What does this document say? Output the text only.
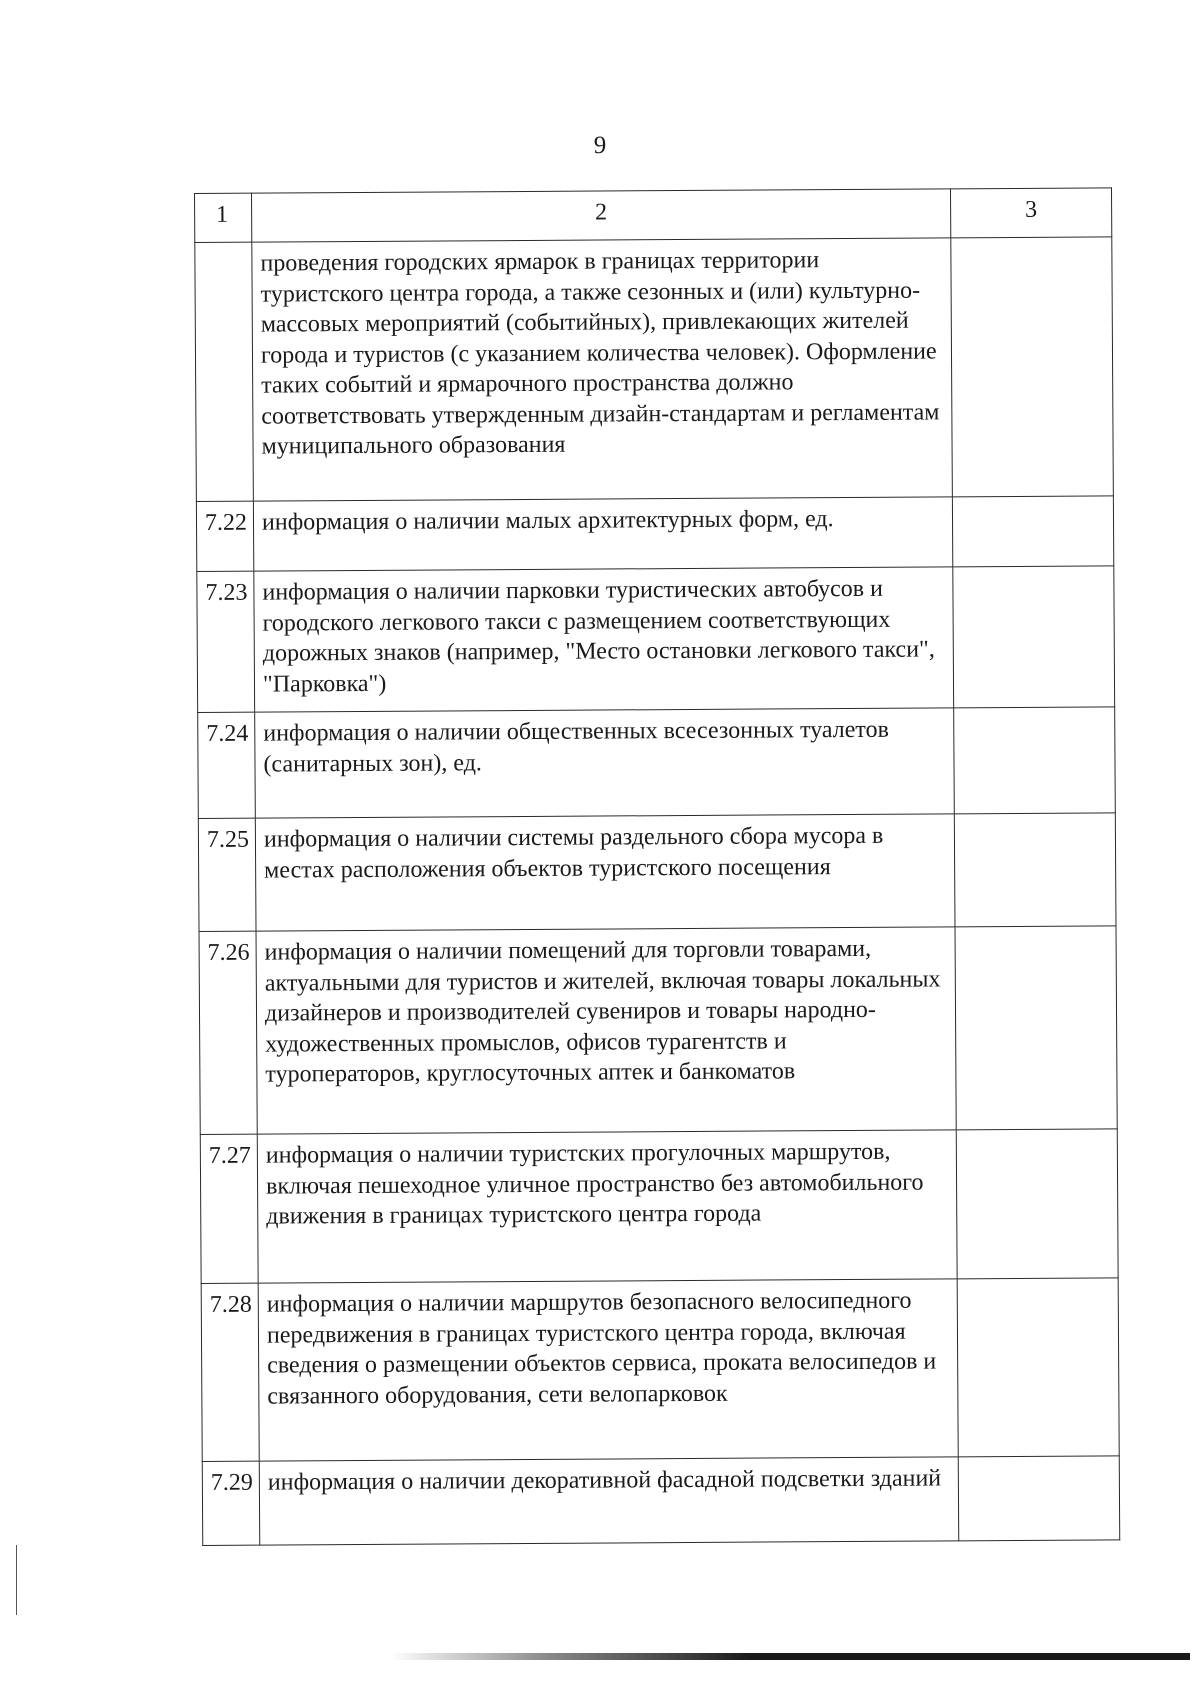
9
1	2	3
	проведения городских ярмарок в границах территории туристского центра города, а также сезонных и (или) культурно-массовых мероприятий (событийных), привлекающих жителей города и туристов (с указанием количества человек). Оформление таких событий и ярмарочного пространства должно соответствовать утвержденным дизайн-стандартам и регламентам муниципального образования	
7.22	информация о наличии малых архитектурных форм, ед.	
7.23	информация о наличии парковки туристических автобусов и городского легкового такси с размещением соответствующих дорожных знаков (например, "Место остановки легкового такси", "Парковка")	
7.24	информация о наличии общественных всесезонных туалетов (санитарных зон), ед.	
7.25	информация о наличии системы раздельного сбора мусора в местах расположения объектов туристского посещения	
7.26	информация о наличии помещений для торговли товарами, актуальными для туристов и жителей, включая товары локальных дизайнеров и производителей сувениров и товары народно-художественных промыслов, офисов турагентств и туроператоров, круглосуточных аптек и банкоматов	
7.27	информация о наличии туристских прогулочных маршрутов, включая пешеходное уличное пространство без автомобильного движения в границах туристского центра города	
7.28	информация о наличии маршрутов безопасного велосипедного передвижения в границах туристского центра города, включая сведения о размещении объектов сервиса, проката велосипедов и связанного оборудования, сети велопарковок	
7.29	информация о наличии декоративной фасадной подсветки зданий	
